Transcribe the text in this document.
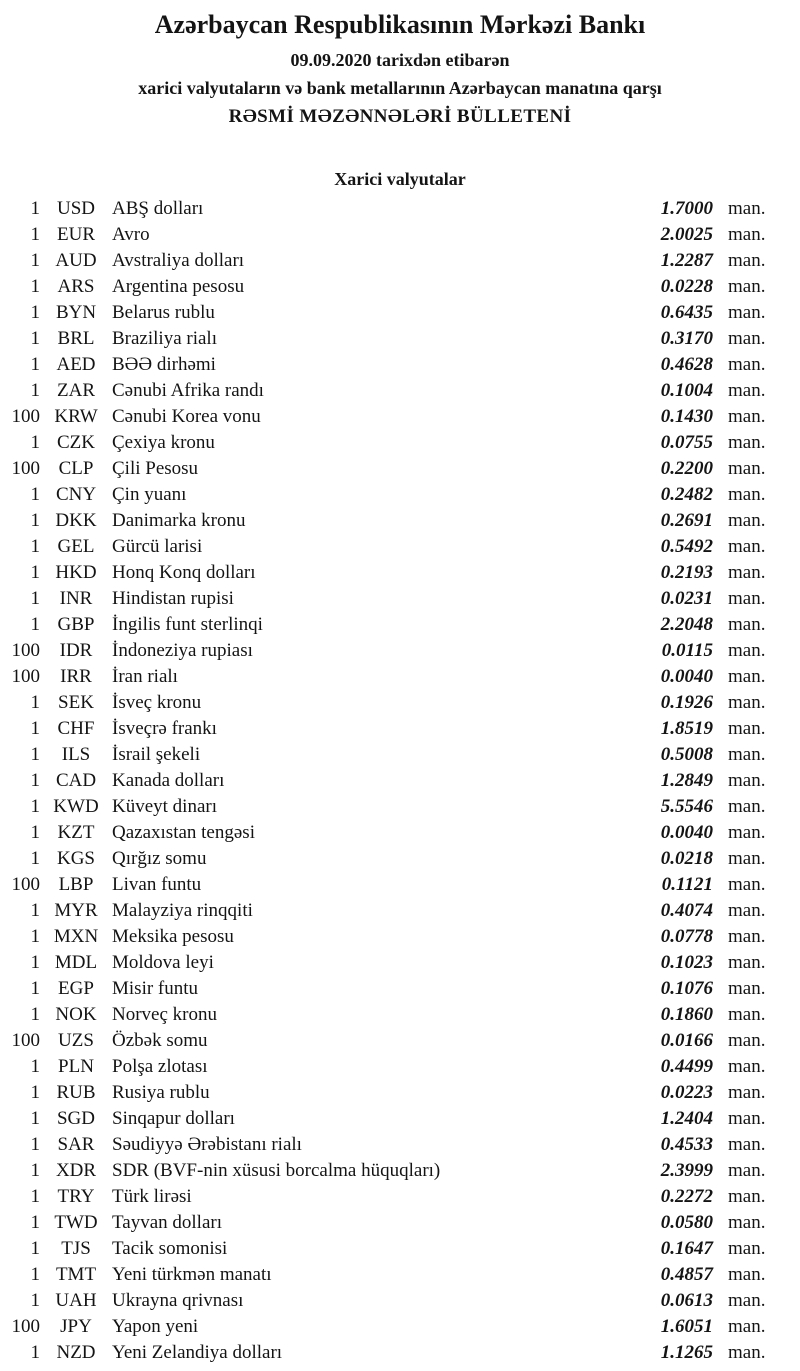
Azərbaycan Respublikasının Mərkəzi Bankı
09.09.2020 tarixdən etibarən
xarici valyutaların və bank metallarının Azərbaycan manatına qarşı
RƏSMİ MƏZƏNNƏLƏRİ BÜLLETENİ
Xarici valyutalar
1 USD ABŞ dolları	1.7000 man.
1 EUR Avro	2.0025 man.
1 AUD Avstraliya dolları	1.2287 man.
1 ARS Argentina pesosu	0.0228 man.
1 BYN Belarus rublu	0.6435 man.
1 BRL Braziliya rialı	0.3170 man.
1 AED BƏƏ dirhəmi	0.4628 man.
1 ZAR Cənubi Afrika randı	0.1004 man.
100 KRW Cənubi Korea vonu	0.1430 man.
1 CZK Çexiya kronu	0.0755 man.
100 CLP Çili Pesosu	0.2200 man.
1 CNY Çin yuanı	0.2482 man.
1 DKK Danimarka kronu	0.2691 man.
1 GEL Gürcü larisi	0.5492 man.
1 HKD Honq Konq dolları	0.2193 man.
1	INR	Hindistan rupisi	0.0231 man.
1 GBP İngilis funt sterlinqi	2.2048 man.
100	IDR	İndoneziya rupiası	0.0115 man.
100	IRR	İran rialı	0.0040 man.
1 SEK İsveç kronu	0.1926 man.
1 CHF İsveçrə frankı	1.8519 man.
1	ILS	İsrail şekeli	0.5008 man.
1 CAD Kanada dolları	1.2849 man.
1 KWD Küveyt dinarı	5.5546 man.
1 KZT Qazaxıstan tengəsi	0.0040 man.
1 KGS Qırğız somu	0.0218 man.
100 LBP Livan funtu	0.1121 man.
1 MYR Malayziya rinqqiti	0.4074 man.
1 MXN Meksika pesosu	0.0778 man.
1 MDL Moldova leyi	0.1023 man.
1 EGP Misir funtu	0.1076 man.
1 NOK Norveç kronu	0.1860 man.
100 UZS Özbək somu	0.0166 man.
1 PLN Polşa zlotası	0.4499 man.
1 RUB Rusiya rublu	0.0223 man.
1 SGD Sinqapur dolları	1.2404 man.
1 SAR Səudiyyə Ərəbistanı rialı	0.4533 man.
1 XDR SDR (BVF-nin xüsusi borcalma hüquqları)	2.3999 man.
1 TRY Türk lirəsi	0.2272 man.
1 TWD Tayvan dolları	0.0580 man.
1	TJS	Tacik somonisi	0.1647 man.
1 TMT Yeni türkmən manatı	0.4857 man.
1 UAH Ukrayna qrivnası	0.0613 man.
100	JPY	Yapon yeni	1.6051 man.
1 NZD Yeni Zelandiya dolları	1.1265 man.
